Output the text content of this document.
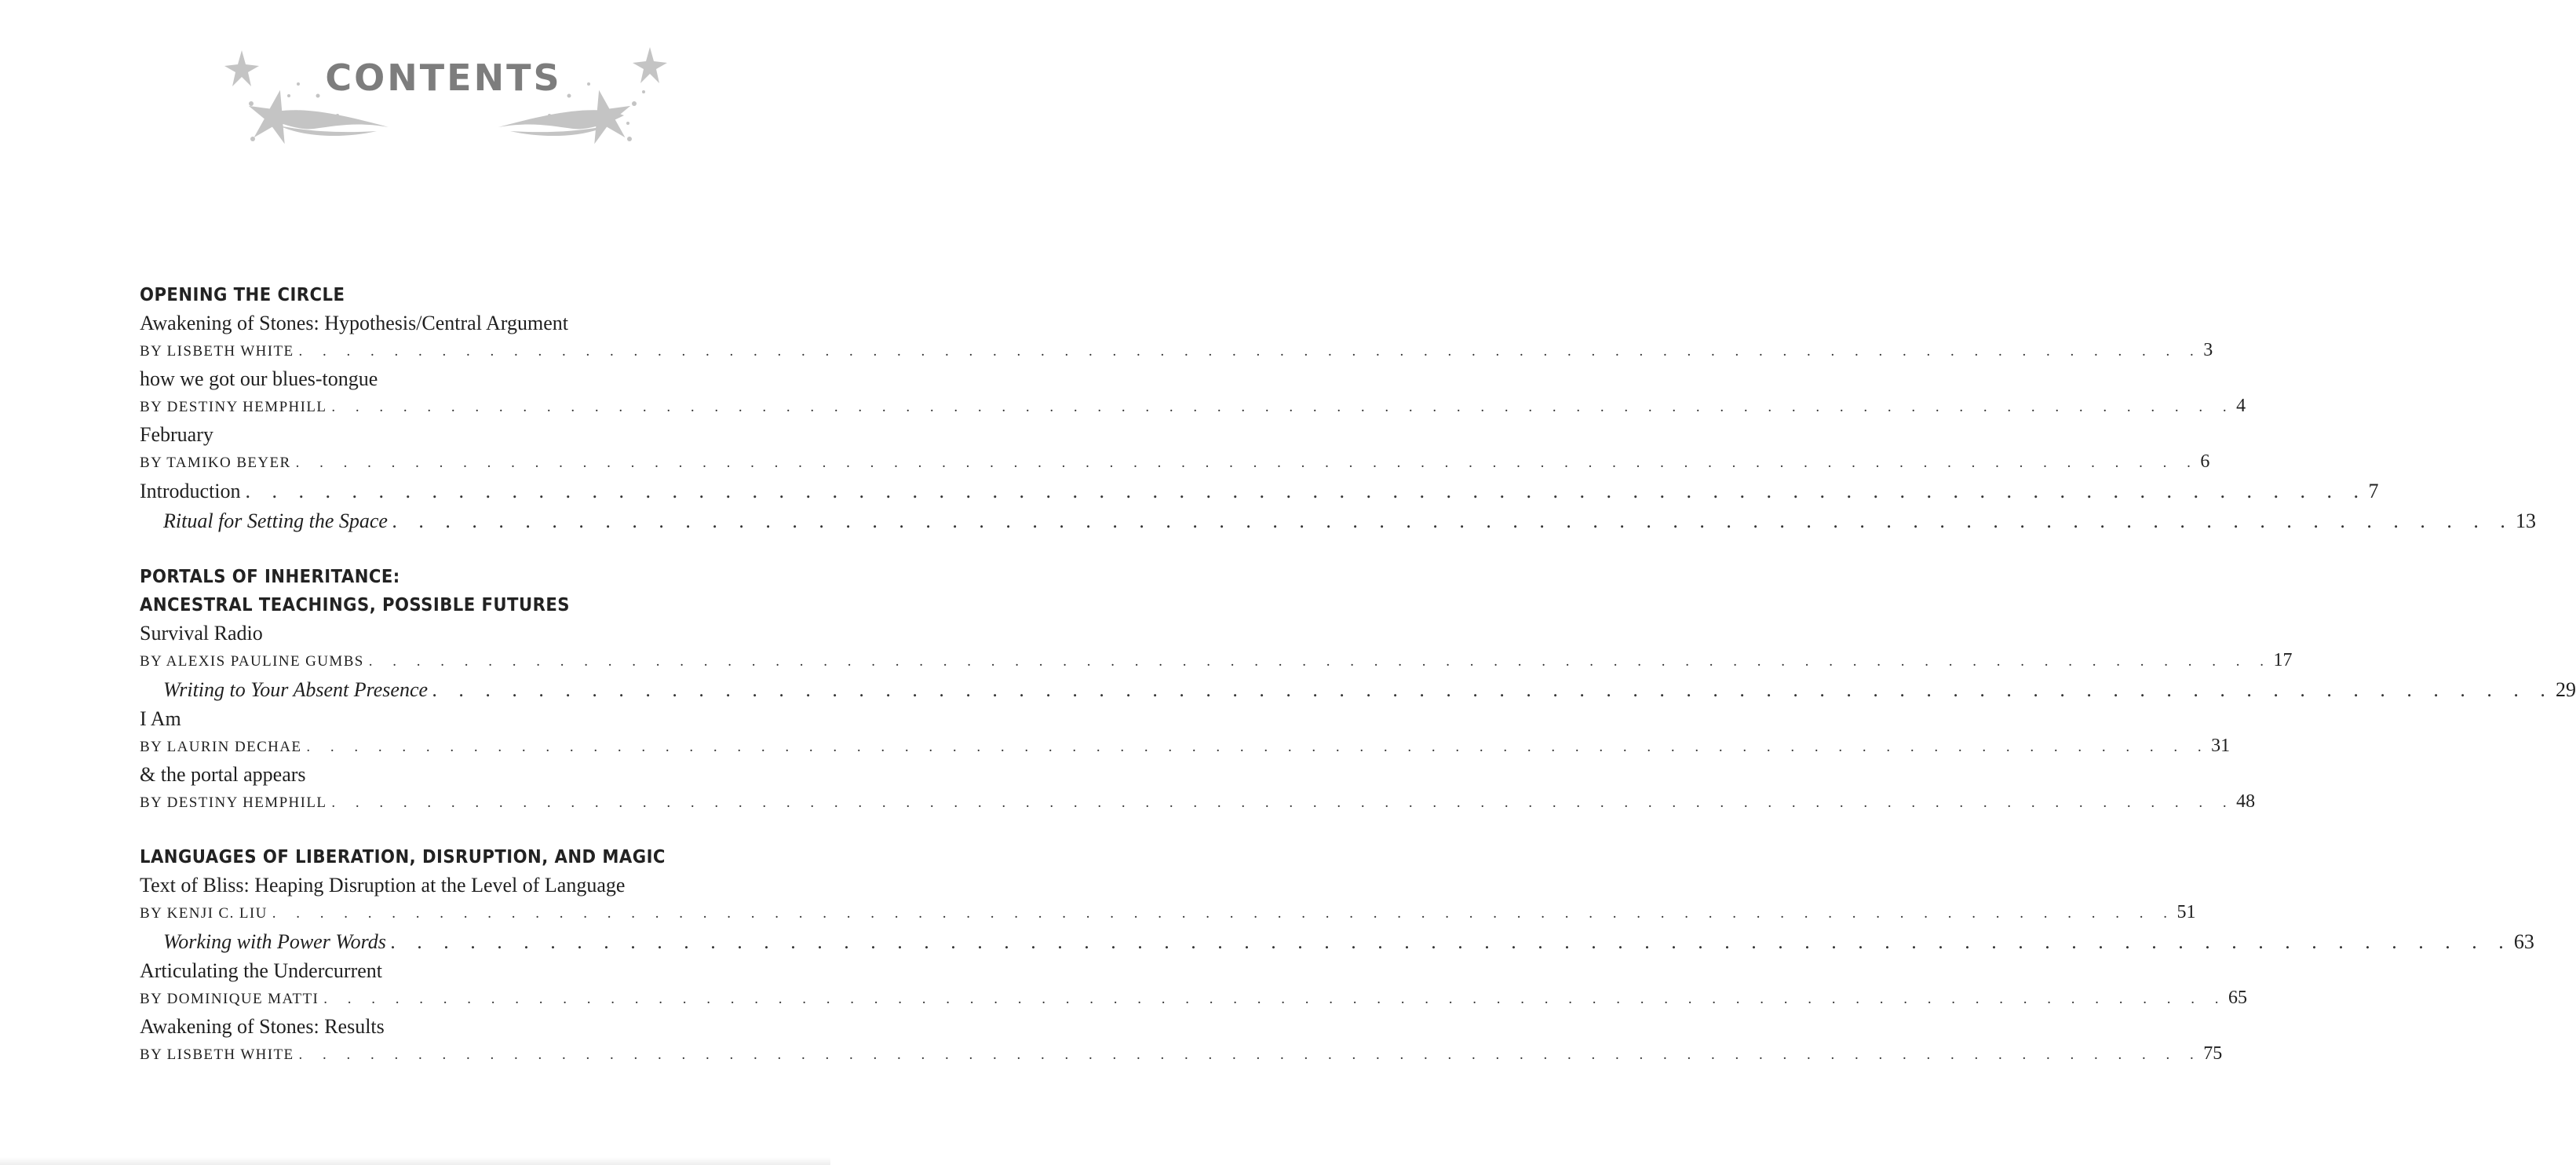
CONTENTS
OPENING THE CIRCLE
Awakening of Stones: Hypothesis/Central Argument
BY LISBETH WHITE . . . . . . . . . . . . . . . . . . . . . . . . . . . . . . . . . . . . . . . . . . . . . . . . . . . . . . . . . . . . . . . . . . . . . . . . . . . . . . . . 3
how we got our blues-tongue
BY DESTINY HEMPHILL . . . . . . . . . . . . . . . . . . . . . . . . . . . . . . . . . . . . . . . . . . . . . . . . . . . . . . . . . . . . . . . . . . . . . . . . . . . . . . . . 4
February
BY TAMIKO BEYER . . . . . . . . . . . . . . . . . . . . . . . . . . . . . . . . . . . . . . . . . . . . . . . . . . . . . . . . . . . . . . . . . . . . . . . . . . . . . . . . 6
Introduction . . . . . . . . . . . . . . . . . . . . . . . . . . . . . . . . . . . . . . . . . . . . . . . . . . . . . . . . . . . . . . . . . . . . . . . . . . . . . . . . 7
Ritual for Setting the Space . . . . . . . . . . . . . . . . . . . . . . . . . . . . . . . . . . . . . . . . . . . . . . . . . . . . . . . . . . . . . . . . . . . . . . . . . . . . . . . . 13
PORTALS OF INHERITANCE:
ANCESTRAL TEACHINGS, POSSIBLE FUTURES
Survival Radio
BY ALEXIS PAULINE GUMBS . . . . . . . . . . . . . . . . . . . . . . . . . . . . . . . . . . . . . . . . . . . . . . . . . . . . . . . . . . . . . . . . . . . . . . . . . . . . . . . . 17
Writing to Your Absent Presence . . . . . . . . . . . . . . . . . . . . . . . . . . . . . . . . . . . . . . . . . . . . . . . . . . . . . . . . . . . . . . . . . . . . . . . . . . . . . . . . 29
I Am
BY LAURIN DECHAE . . . . . . . . . . . . . . . . . . . . . . . . . . . . . . . . . . . . . . . . . . . . . . . . . . . . . . . . . . . . . . . . . . . . . . . . . . . . . . . . 31
& the portal appears
BY DESTINY HEMPHILL . . . . . . . . . . . . . . . . . . . . . . . . . . . . . . . . . . . . . . . . . . . . . . . . . . . . . . . . . . . . . . . . . . . . . . . . . . . . . . . . 48
LANGUAGES OF LIBERATION, DISRUPTION, AND MAGIC
Text of Bliss: Heaping Disruption at the Level of Language
BY KENJI C. LIU . . . . . . . . . . . . . . . . . . . . . . . . . . . . . . . . . . . . . . . . . . . . . . . . . . . . . . . . . . . . . . . . . . . . . . . . . . . . . . . . 51
Working with Power Words . . . . . . . . . . . . . . . . . . . . . . . . . . . . . . . . . . . . . . . . . . . . . . . . . . . . . . . . . . . . . . . . . . . . . . . . . . . . . . . . 63
Articulating the Undercurrent
BY DOMINIQUE MATTI . . . . . . . . . . . . . . . . . . . . . . . . . . . . . . . . . . . . . . . . . . . . . . . . . . . . . . . . . . . . . . . . . . . . . . . . . . . . . . . . 65
Awakening of Stones: Results
BY LISBETH WHITE . . . . . . . . . . . . . . . . . . . . . . . . . . . . . . . . . . . . . . . . . . . . . . . . . . . . . . . . . . . . . . . . . . . . . . . . . . . . . . . . 75
